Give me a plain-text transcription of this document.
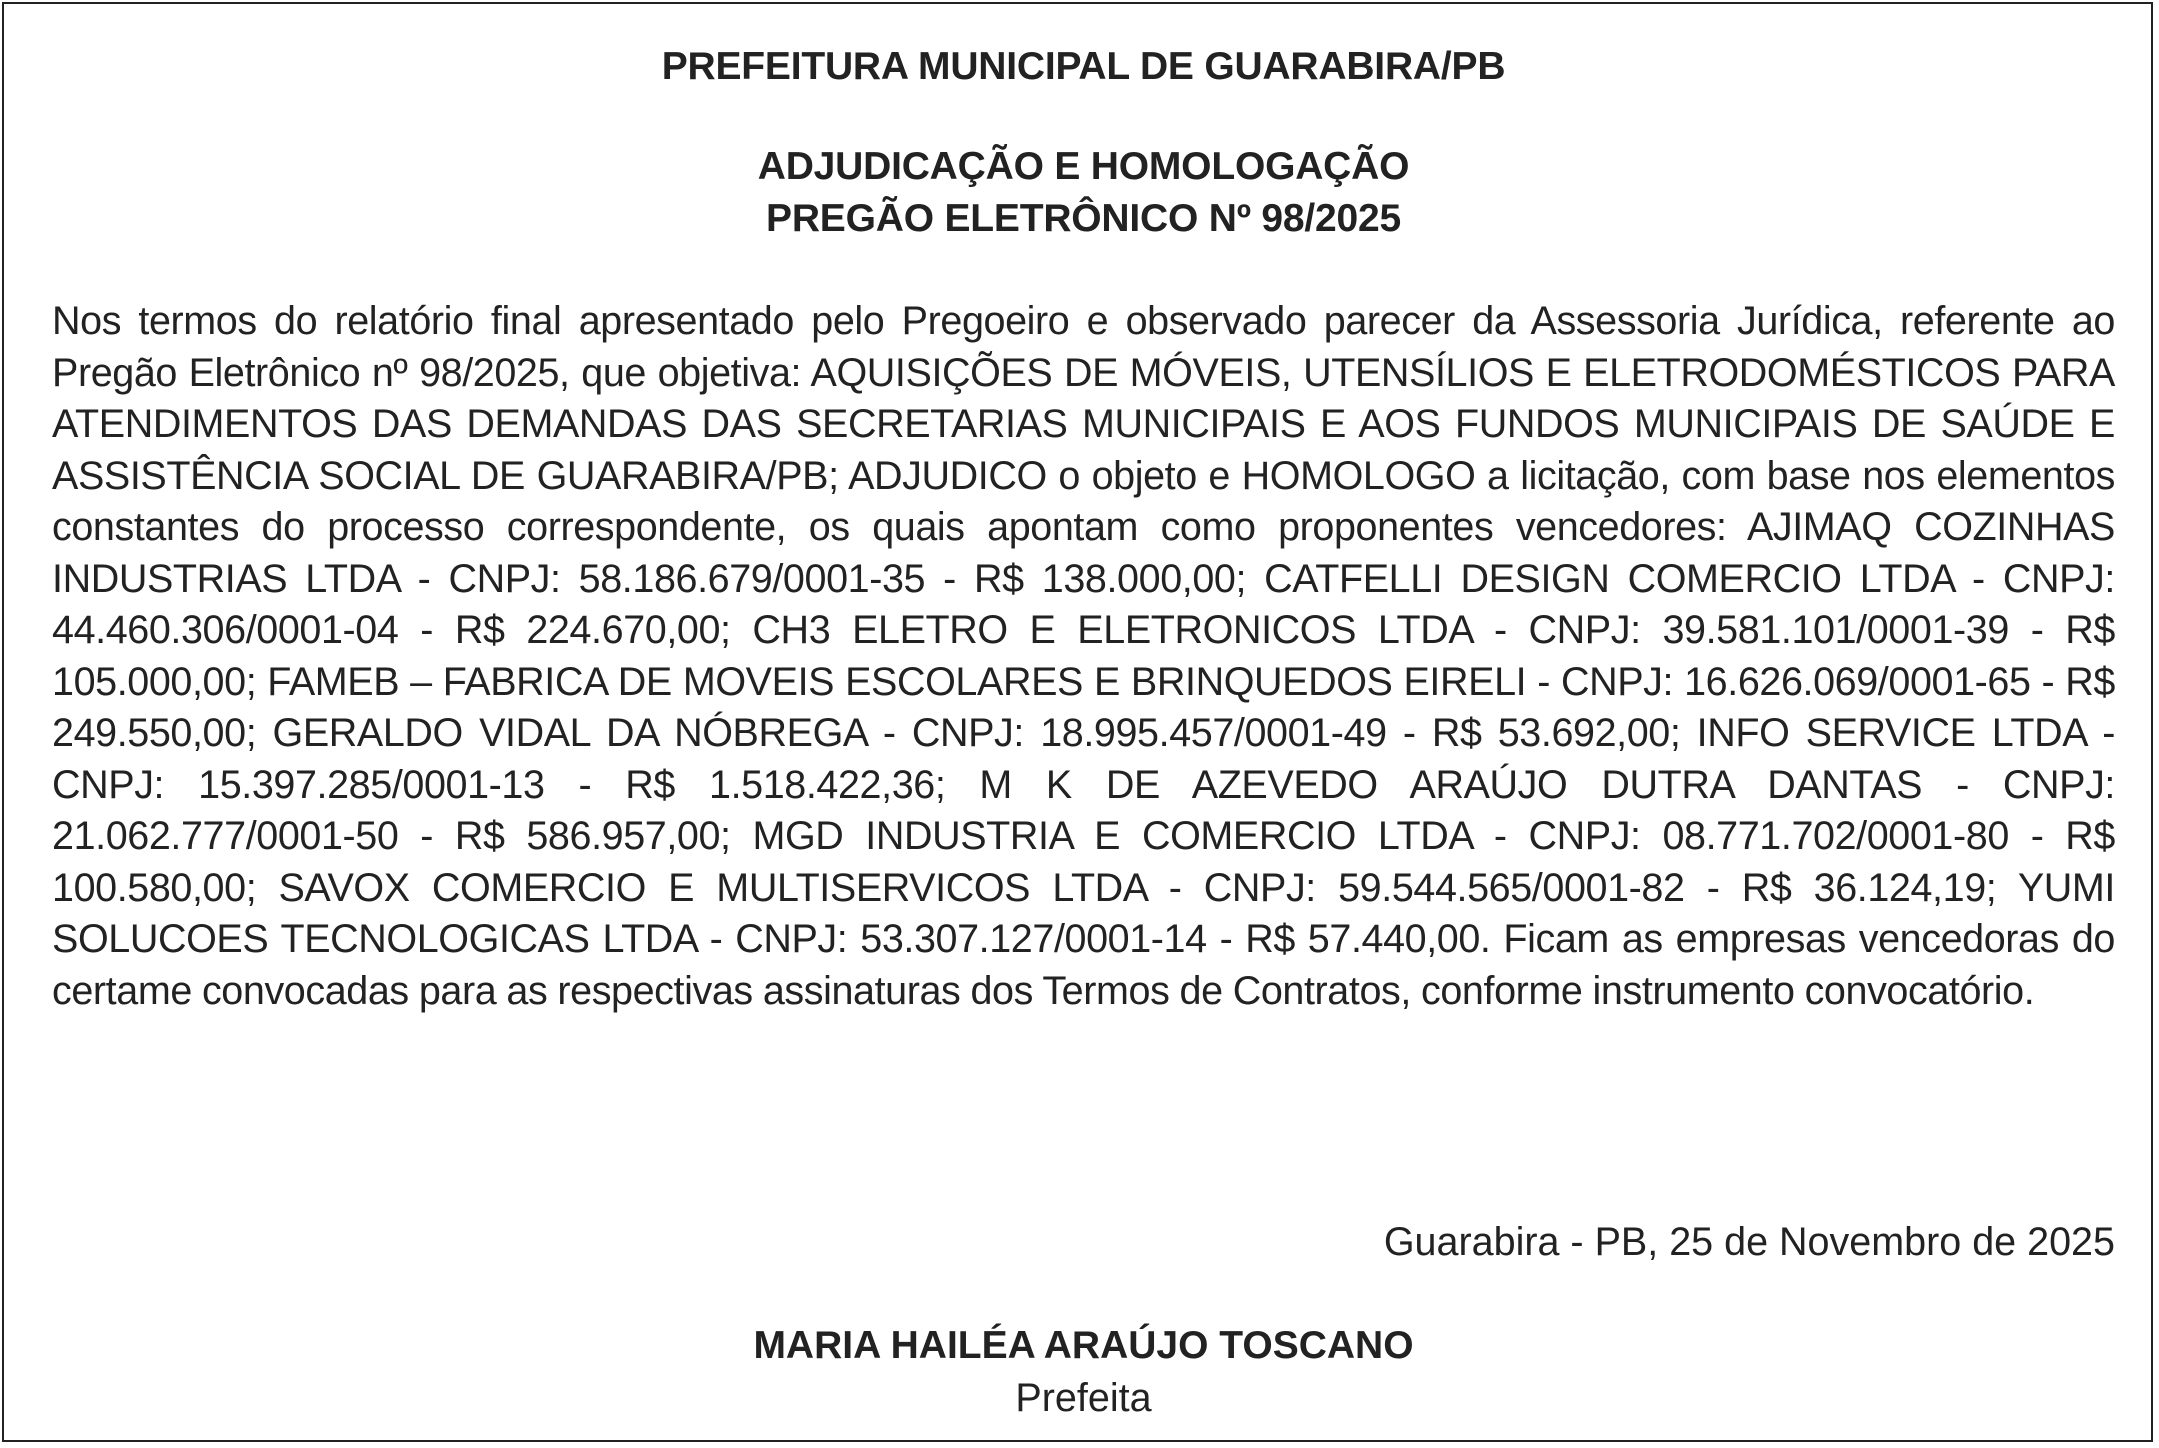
PREFEITURA MUNICIPAL DE GUARABIRA/PB
ADJUDICAÇÃO E HOMOLOGAÇÃO
PREGÃO ELETRÔNICO Nº 98/2025

Nos termos do relatório final apresentado pelo Pregoeiro e observado parecer da Assessoria Jurídica, referente ao Pregão Eletrônico nº 98/2025, que objetiva: AQUISIÇÕES DE MÓVEIS, UTENSÍLIOS E ELETRODOMÉSTICOS PARA ATENDIMENTOS DAS DEMANDAS DAS SECRETARIAS MUNICIPAIS E AOS FUNDOS MUNICIPAIS DE SAÚDE E ASSISTÊNCIA SOCIAL DE GUARABIRA/PB; ADJUDICO o objeto e HOMOLOGO a licitação, com base nos elementos constantes do processo correspondente, os quais apontam como proponentes vencedores: AJIMAQ COZINHAS INDUSTRIAS LTDA - CNPJ: 58.186.679/0001-35 - R$ 138.000,00; CATFELLI DESIGN COMERCIO LTDA - CNPJ: 44.460.306/0001-04 - R$ 224.670,00; CH3 ELETRO E ELETRONICOS LTDA - CNPJ: 39.581.101/0001-39 - R$ 105.000,00; FAMEB – FABRICA DE MOVEIS ESCOLARES E BRINQUEDOS EIRELI - CNPJ: 16.626.069/0001-65 - R$ 249.550,00; GERALDO VIDAL DA NÓBREGA - CNPJ: 18.995.457/0001-49 - R$ 53.692,00; INFO SERVICE LTDA - CNPJ: 15.397.285/0001-13 - R$ 1.518.422,36; M K DE AZEVEDO ARAÚJO DUTRA DANTAS - CNPJ: 21.062.777/0001-50 - R$ 586.957,00; MGD INDUSTRIA E COMERCIO LTDA - CNPJ: 08.771.702/0001-80 - R$ 100.580,00; SAVOX COMERCIO E MULTISERVICOS LTDA - CNPJ: 59.544.565/0001-82 - R$ 36.124,19; YUMI SOLUCOES TECNOLOGICAS LTDA - CNPJ: 53.307.127/0001-14 - R$ 57.440,00. Ficam as empresas vencedoras do certame convocadas para as respectivas assinaturas dos Termos de Contratos, conforme instrumento convocatório.

Guarabira - PB, 25 de Novembro de 2025

MARIA HAILÉA ARAÚJO TOSCANO

Prefeita
